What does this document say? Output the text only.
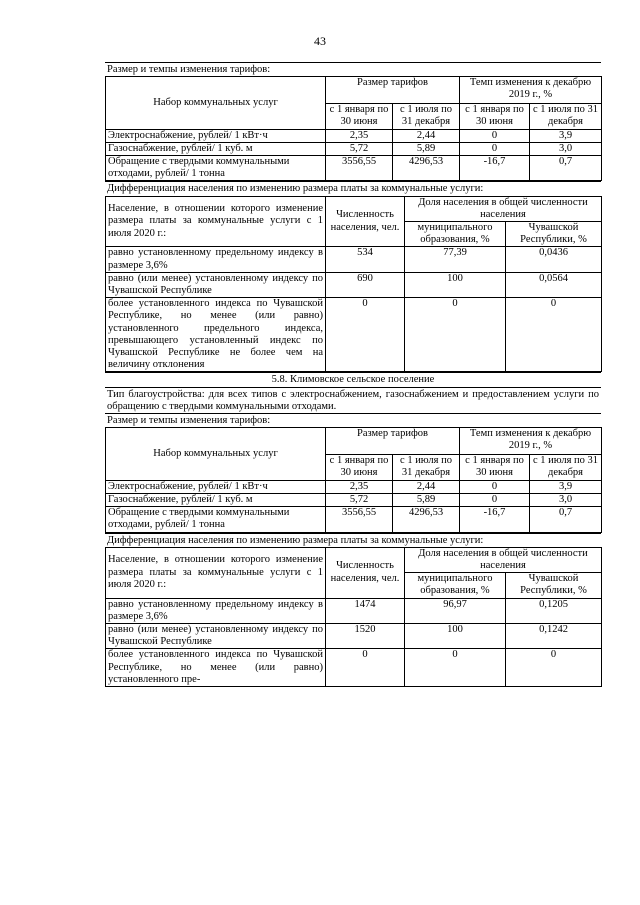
43
Размер и темпы изменения тарифов:
Набор коммунальных услуг	Размер тарифов		Темп изменения к декабрю 2019 г., %	
	с 1 января по 30 июня	с 1 июля по 31 декабря	с 1 января по 30 июня	с 1 июля по 31 декабря
Электроснабжение, рублей/ 1 кВт·ч	2,35	2,44	0	3,9
Газоснабжение, рублей/ 1 куб. м	5,72	5,89	0	3,0
Обращение с твердыми коммунальными отходами, рублей/ 1 тонна	3556,55	4296,53	-16,7	0,7
Дифференциация населения по изменению размера платы за коммунальные услуги:
Население, в отношении которого изменение размера платы за коммунальные услуги с 1 июля 2020 г.:	Численность населения, чел.	Доля населения в общей численности населения	
		муниципального образования, %	Чувашской Республики, %
равно установленному предельному индексу в размере 3,6%	534	77,39	0,0436
равно (или менее) установленному индексу по Чувашской Республике	690	100	0,0564
более установленного индекса по Чувашской Республике, но менее (или равно) установленного предельного индекса, превышающего установленный индекс по Чувашской Республике не более чем на величину отклонения	0	0	0
5.8. Климовское сельское поселение
Тип благоустройства: для всех типов с электроснабжением, газоснабжением и предоставлением услуги по обращению с твердыми коммунальными отходами.
Размер и темпы изменения тарифов:
Набор коммунальных услуг	Размер тарифов		Темп изменения к декабрю 2019 г., %	
	с 1 января по 30 июня	с 1 июля по 31 декабря	с 1 января по 30 июня	с 1 июля по 31 декабря
Электроснабжение, рублей/ 1 кВт·ч	2,35	2,44	0	3,9
Газоснабжение, рублей/ 1 куб. м	5,72	5,89	0	3,0
Обращение с твердыми коммунальными отходами, рублей/ 1 тонна	3556,55	4296,53	-16,7	0,7
Дифференциация населения по изменению размера платы за коммунальные услуги:
Население, в отношении которого изменение размера платы за коммунальные услуги с 1 июля 2020 г.:	Численность населения, чел.	Доля населения в общей численности населения	
		муниципального образования, %	Чувашской Республики, %
равно установленному предельному индексу в размере 3,6%	1474	96,97	0,1205
равно (или менее) установленному индексу по Чувашской Республике	1520	100	0,1242
более установленного индекса по Чувашской Республике, но менее (или равно) установленного пре-	0	0	0
